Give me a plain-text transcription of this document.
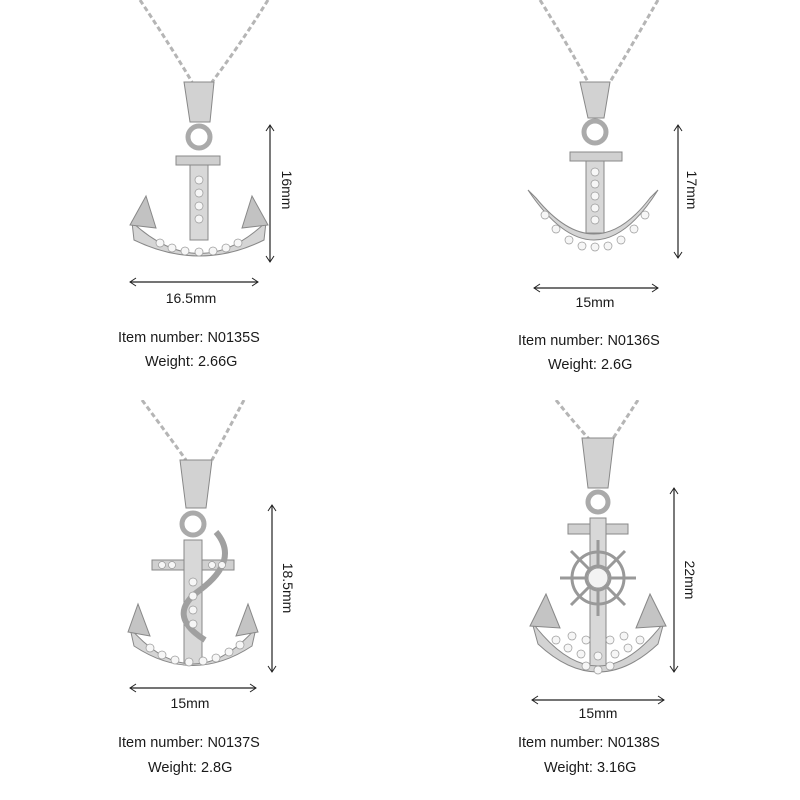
16mm
16.5mm
Item number: N0135S
Weight: 2.66G
17mm
15mm
Item number: N0136S
Weight: 2.6G
18.5mm
15mm
Item number: N0137S
Weight: 2.8G
22mm
15mm
Item number: N0138S
Weight: 3.16G
